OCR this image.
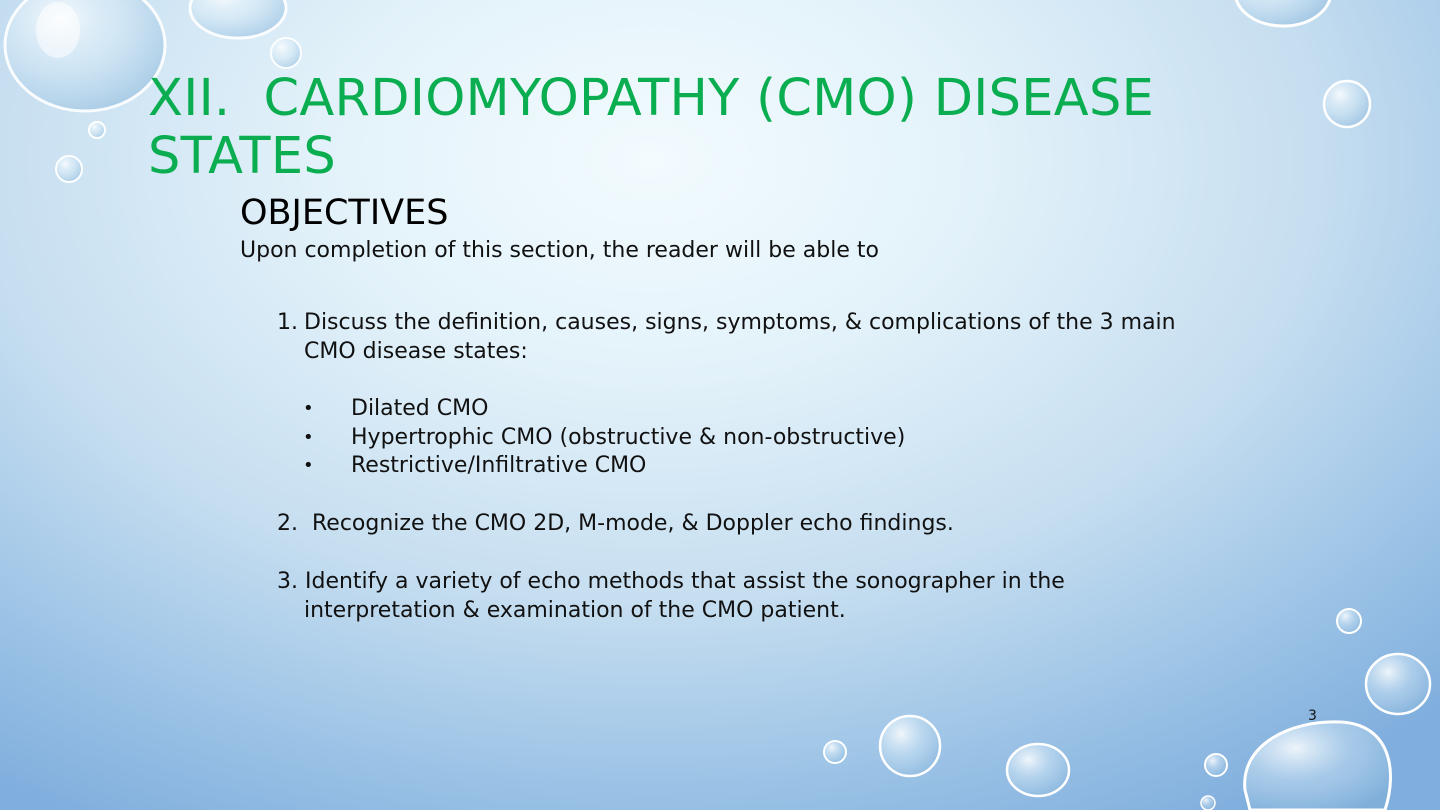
XII.  CARDIOMYOPATHY (CMO) DISEASE STATES
OBJECTIVES
Upon completion of this section, the reader will be able to
1. Discuss the definition, causes, signs, symptoms, & complications of the 3 main CMO disease states:
• Dilated CMO
• Hypertrophic CMO (obstructive & non-obstructive)
• Restrictive/Infiltrative CMO
2.  Recognize the CMO 2D, M-mode, & Doppler echo findings.
3. Identify a variety of echo methods that assist the sonographer in the interpretation & examination of the CMO patient.
3
